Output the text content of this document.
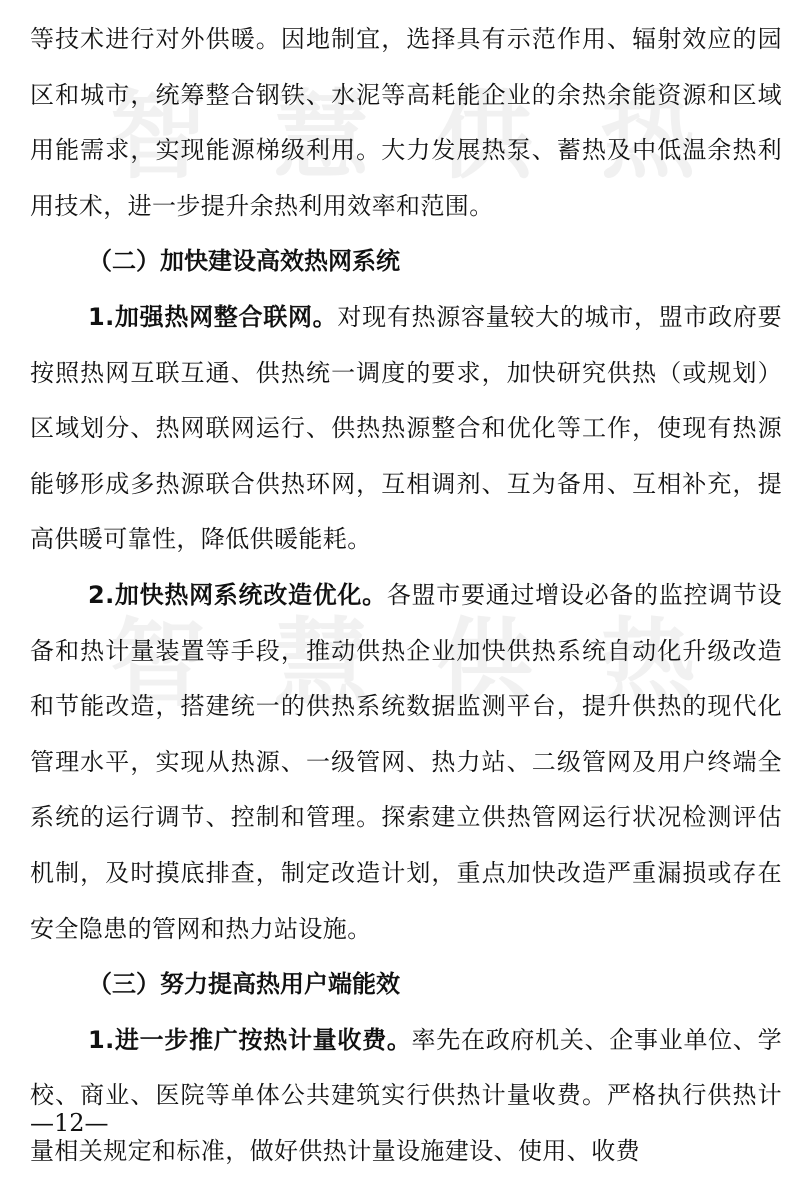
智 慧 供 热
智 慧 供 热

等技术进行对外供暖。因地制宜，选择具有示范作用、辐射效应的园区和城市，统筹整合钢铁、水泥等高耗能企业的余热余能资源和区域用能需求，实现能源梯级利用。大力发展热泵、蓄热及中低温余热利用技术，进一步提升余热利用效率和范围。

（二）加快建设高效热网系统

1.加强热网整合联网。对现有热源容量较大的城市，盟市政府要按照热网互联互通、供热统一调度的要求，加快研究供热（或规划）区域划分、热网联网运行、供热热源整合和优化等工作，使现有热源能够形成多热源联合供热环网，互相调剂、互为备用、互相补充，提高供暖可靠性，降低供暖能耗。

2.加快热网系统改造优化。各盟市要通过增设必备的监控调节设备和热计量装置等手段，推动供热企业加快供热系统自动化升级改造和节能改造，搭建统一的供热系统数据监测平台，提升供热的现代化管理水平，实现从热源、一级管网、热力站、二级管网及用户终端全系统的运行调节、控制和管理。探索建立供热管网运行状况检测评估机制，及时摸底排查，制定改造计划，重点加快改造严重漏损或存在安全隐患的管网和热力站设施。

（三）努力提高热用户端能效

1.进一步推广按热计量收费。率先在政府机关、企事业单位、学校、商业、医院等单体公共建筑实行供热计量收费。严格执行供热计量相关规定和标准，做好供热计量设施建设、使用、收费

—12—
